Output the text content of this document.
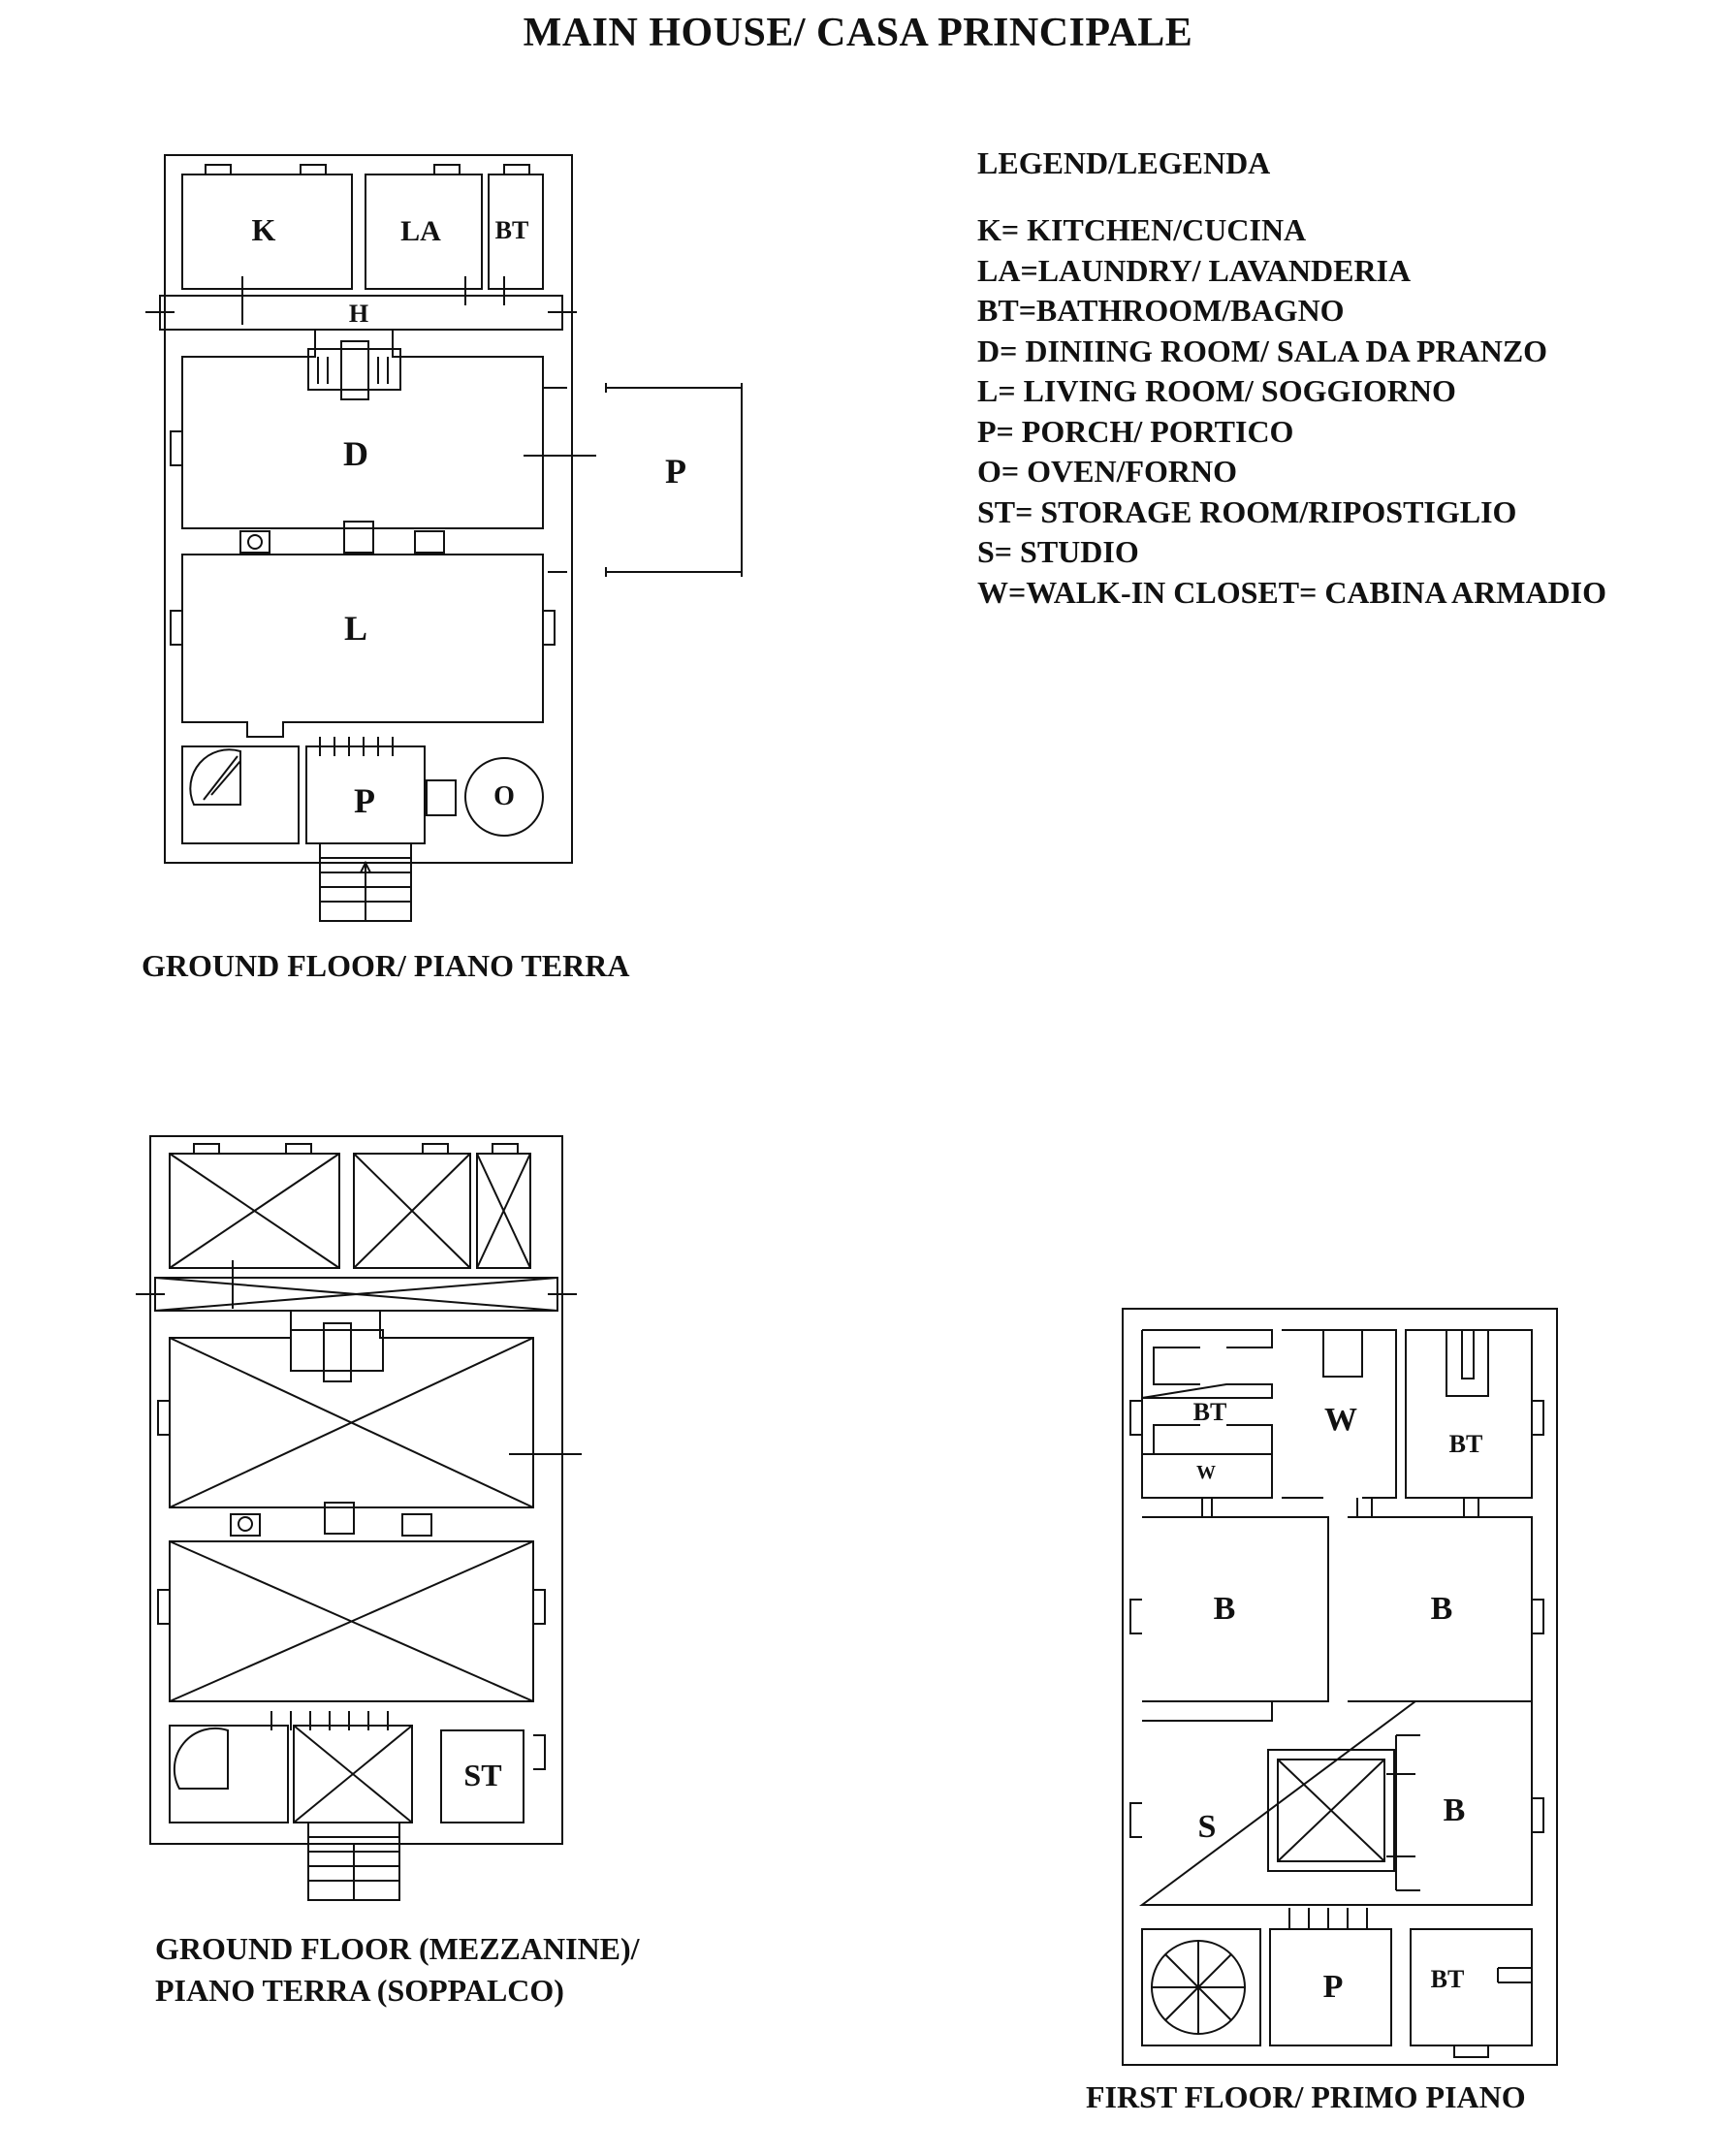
MAIN HOUSE/ CASA PRINCIPALE
LEGEND/LEGENDA
K= KITCHEN/CUCINA
LA=LAUNDRY/ LAVANDERIA
BT=BATHROOM/BAGNO
D= DINIING ROOM/ SALA DA PRANZO
L= LIVING ROOM/ SOGGIORNO
P= PORCH/ PORTICO
O= OVEN/FORNO
ST= STORAGE ROOM/RIPOSTIGLIO
S= STUDIO
W=WALK-IN CLOSET= CABINA ARMADIO
GROUND FLOOR/ PIANO TERRA
GROUND FLOOR (MEZZANINE)/
PIANO TERRA (SOPPALCO)
FIRST FLOOR/ PRIMO PIANO
K	LA BT
H
D	P
L
P	O
ST
BT
W
W
BT
B	B
S	B
P	BT
